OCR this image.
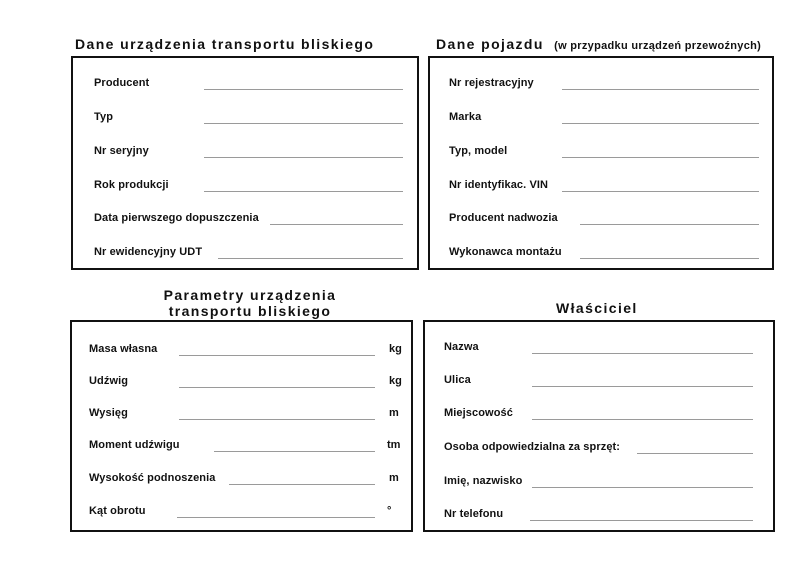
Dane urządzenia transportu bliskiego	Dane pojazdu (w przypadku urządzeń przewoźnych)
Parametry urządzenia
transportu bliskiego	Właściciel
Producent
Typ
Nr seryjny
Rok produkcji
Data pierwszego dopuszczenia
Nr ewidencyjny UDT
Nr rejestracyjny
Marka
Typ, model
Nr identyfikac. VIN
Producent nadwozia
Wykonawca montażu
Masa własna	kg
Udźwig	kg
Wysięg	m
Moment udźwigu	tm
Wysokość podnoszenia	m
Kąt obrotu	°
Nazwa
Ulica
Miejscowość
Osoba odpowiedzialna za sprzęt:
Imię, nazwisko
Nr telefonu
